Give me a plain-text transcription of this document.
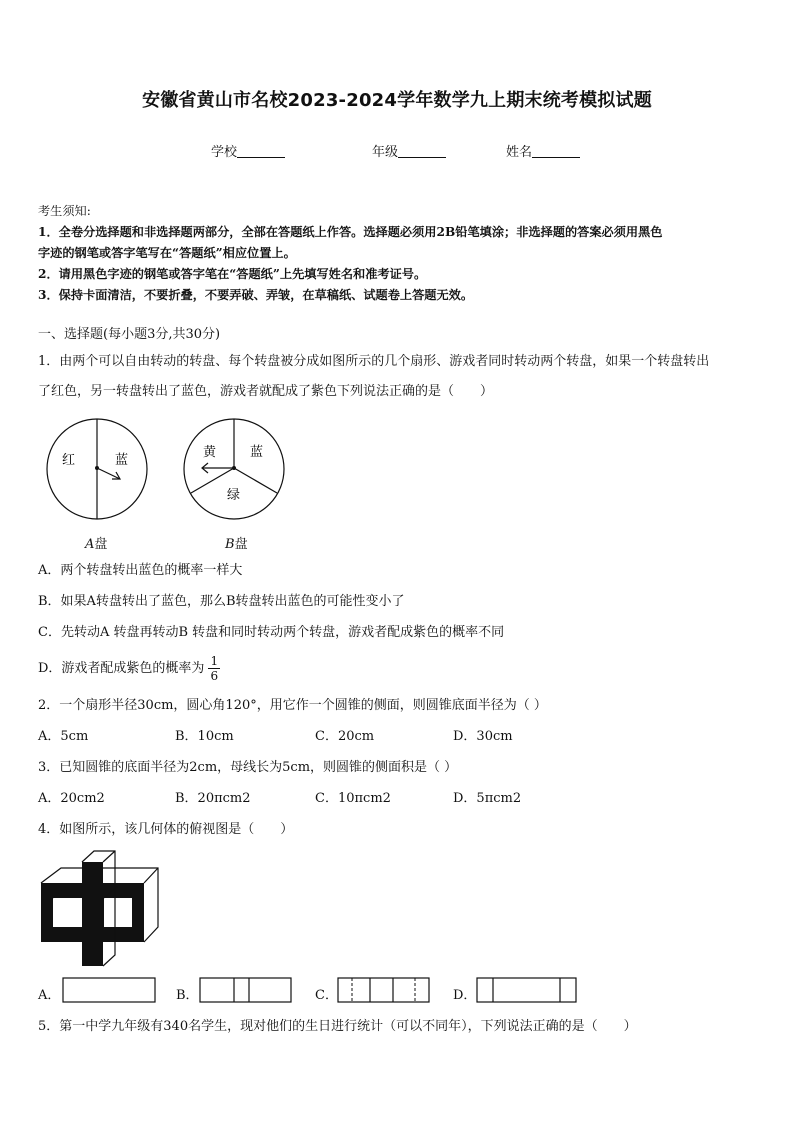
安徽省黄山市名校2023-2024学年数学九上期末统考模拟试题
学校	年级	姓名
考生须知:
1．全卷分选择题和非选择题两部分，全部在答题纸上作答。选择题必须用2B铅笔填涂；非选择题的答案必须用黑色
字迹的钢笔或答字笔写在“答题纸”相应位置上。
2．请用黑色字迹的钢笔或答字笔在“答题纸”上先填写姓名和准考证号。
3．保持卡面清洁，不要折叠，不要弄破、弄皱，在草稿纸、试题卷上答题无效。
一、选择题(每小题3分,共30分)
1．由两个可以自由转动的转盘、每个转盘被分成如图所示的几个扇形、游戏者同时转动两个转盘，如果一个转盘转出
了红色，另一转盘转出了蓝色，游戏者就配成了紫色下列说法正确的是（　　）
红	蓝
A盘
黄	蓝
绿
B盘
A．两个转盘转出蓝色的概率一样大
B．如果A转盘转出了蓝色，那么B转盘转出蓝色的可能性变小了
C．先转动A 转盘再转动B 转盘和同时转动两个转盘，游戏者配成紫色的概率不同
D．游戏者配成紫色的概率为 $\frac{1}{6}$
2．一个扇形半径30cm，圆心角120°，用它作一个圆锥的侧面，则圆锥底面半径为（ ）
A．5cm	B．10cm	C．20cm	D．30cm
3．已知圆锥的底面半径为2cm，母线长为5cm，则圆锥的侧面积是（ ）
A．20cm2	B．20πcm2	C．10πcm2	D．5πcm2
4．如图所示，该几何体的俯视图是（　　）
A．	B．	C．	D．
5．第一中学九年级有340名学生，现对他们的生日进行统计（可以不同年），下列说法正确的是（　　）
